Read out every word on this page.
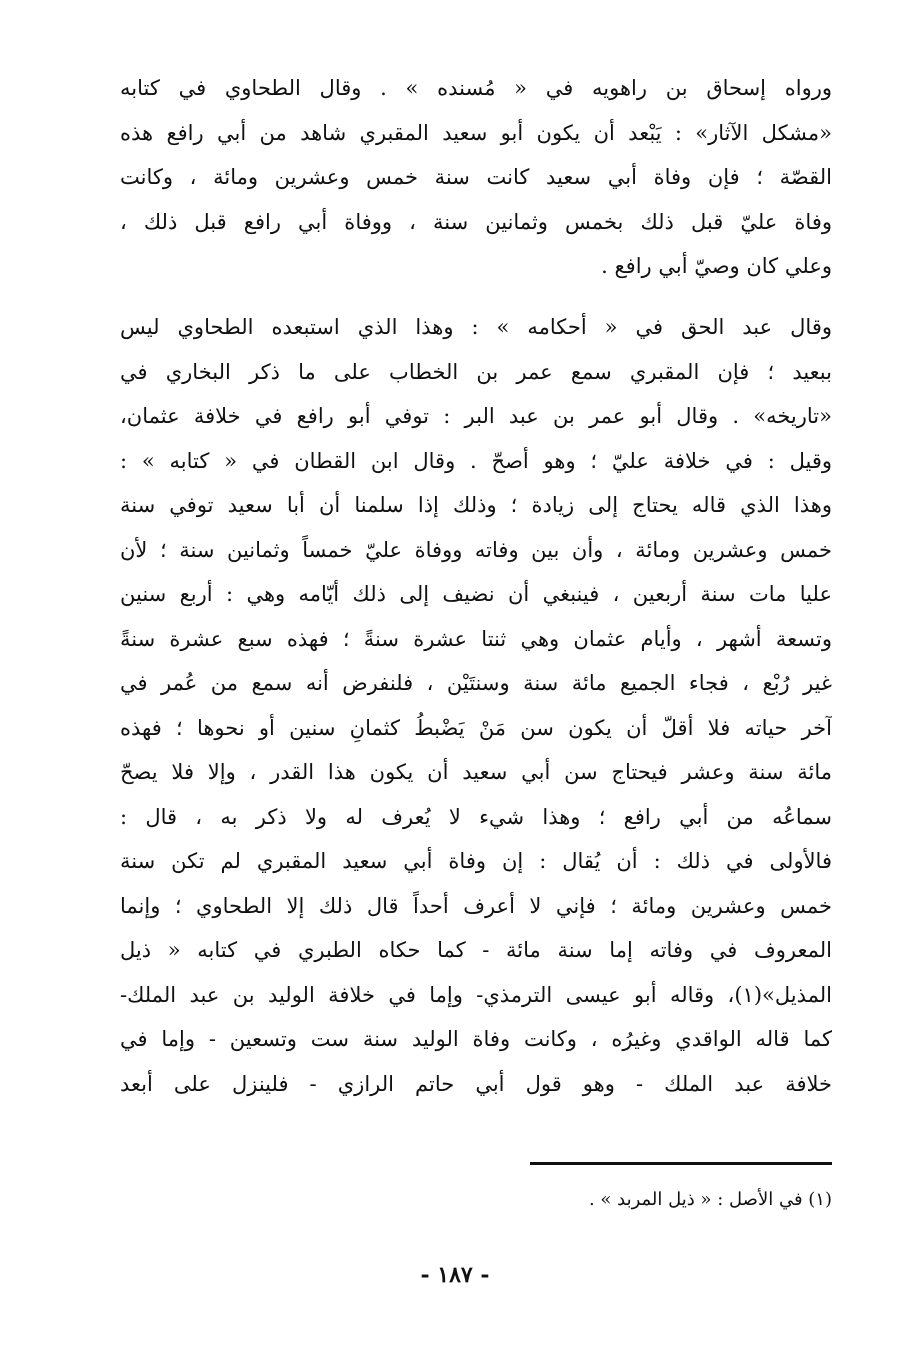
ورواه إسحاق بن راهويه في « مُسنده » . وقال الطحاوي في كتابه
«مشكل الآثار» : يَبْعد أن يكون أبو سعيد المقبري شاهد من أبي رافع هذه
القصّة ؛ فإن وفاة أبي سعيد كانت سنة خمس وعشرين ومائة ، وكانت
وفاة عليّ قبل ذلك بخمس وثمانين سنة ، ووفاة أبي رافع قبل ذلك ،
وعلي كان وصيّ أبي رافع .
وقال عبد الحق في « أحكامه » : وهذا الذي استبعده الطحاوي ليس
ببعيد ؛ فإن المقبري سمع عمر بن الخطاب على ما ذكر البخاري في
«تاريخه» . وقال أبو عمر بن عبد البر : توفي أبو رافع في خلافة عثمان،
وقيل : في خلافة عليّ ؛ وهو أصحّ . وقال ابن القطان في « كتابه » :
وهذا الذي قاله يحتاج إلى زيادة ؛ وذلك إذا سلمنا أن أبا سعيد توفي سنة
خمس وعشرين ومائة ، وأن بين وفاته ووفاة عليّ خمساً وثمانين سنة ؛ لأن
عليا مات سنة أربعين ، فينبغي أن نضيف إلى ذلك أيّامه وهي : أربع سنين
وتسعة أشهر ، وأيام عثمان وهي ثنتا عشرة سنةً ؛ فهذه سبع عشرة سنةً
غير رُبْع ، فجاء الجميع مائة سنة وسنتَيْن ، فلنفرض أنه سمع من عُمر في
آخر حياته فلا أقلّ أن يكون سن مَنْ يَضْبطُ كثمانِ سنين أو نحوها ؛ فهذه
مائة سنة وعشر فيحتاج سن أبي سعيد أن يكون هذا القدر ، وإلا فلا يصحّ
سماعُه من أبي رافع ؛ وهذا شيء لا يُعرف له ولا ذكر به ، قال :
فالأولى في ذلك : أن يُقال : إن وفاة أبي سعيد المقبري لم تكن سنة
خمس وعشرين ومائة ؛ فإني لا أعرف أحداً قال ذلك إلا الطحاوي ؛ وإنما
المعروف في وفاته إما سنة مائة - كما حكاه الطبري في كتابه « ذيل
المذيل»(١)، وقاله أبو عيسى الترمذي- وإما في خلافة الوليد بن عبد الملك-
كما قاله الواقدي وغيرُه ، وكانت وفاة الوليد سنة ست وتسعين - وإما في
خلافة عبد الملك - وهو قول أبي حاتم الرازي - فلينزل على أبعد
(١) في الأصل : « ذيل المربد » .
- ١٨٧ -
